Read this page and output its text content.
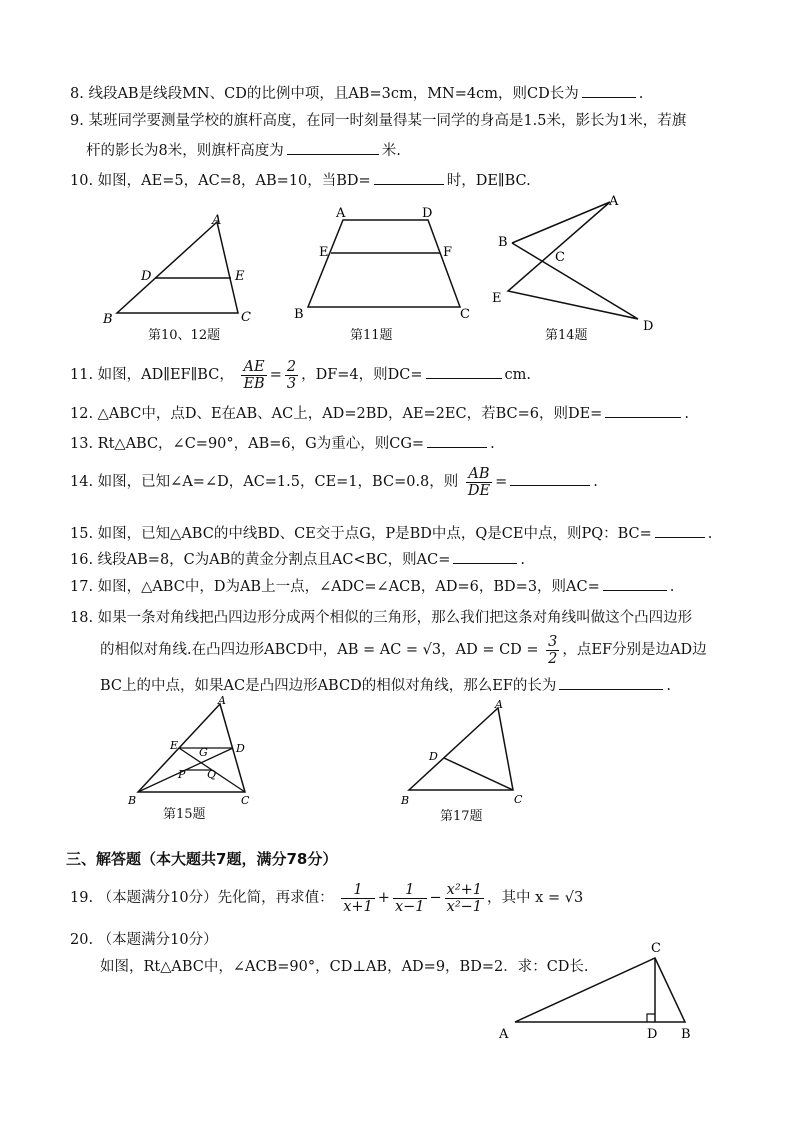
8. 线段AB是线段MN、CD的比例中项，且AB=3cm，MN=4cm，则CD长为	.
9. 某班同学要测量学校的旗杆高度，在同一时刻量得某一同学的身高是1.5米，影长为1米，若旗
杆的影长为8米，则旗杆高度为	米.
10. 如图，AE=5，AC=8，AB=10，当BD=	时，DE∥BC.
A
B	C
D	E
第10、12题
A	D
E	F
B	C
第11题
A
B
C
E
D
第14题
11. 如图，AD∥EF∥BC， $\frac{AE}{EB} = \frac{2}{3}$ ，DF=4，则DC=	cm.
12. △ABC中，点D、E在AB、AC上，AD=2BD，AE=2EC，若BC=6，则DE=	.
13. Rt△ABC，∠C=90°，AB=6，G为重心，则CG=	.
14. 如图，已知∠A=∠D，AC=1.5，CE=1，BC=0.8，则 $\frac{AB}{DE}$ =	.
15. 如图，已知△ABC的中线BD、CE交于点G，P是BD中点，Q是CE中点，则PQ：BC=	.
16. 线段AB=8，C为AB的黄金分割点且AC<BC，则AC=	.
17. 如图，△ABC中，D为AB上一点，∠ADC=∠ACB，AD=6，BD=3，则AC=	.
18. 如果一条对角线把凸四边形分成两个相似的三角形，那么我们把这条对角线叫做这个凸四边形
的相似对角线.在凸四边形ABCD中，AB = AC = √3，AD = CD = $\frac{3}{2}$ ，点EF分别是边AD边
BC上的中点，如果AC是凸四边形ABCD的相似对角线，那么EF的长为	.
A
B	C
D
E
G
P Q
第15题
A
B	C
D
第17题
三、解答题（本大题共7题，满分78分）
19. （本题满分10分）先化简，再求值： $\frac{1}{x+1} + \frac{1}{x-1} - \frac{\text{x²+1}}{\text{x²−1}}$ ，其中 x = √3
20. （本题满分10分）
如图，Rt△ABC中，∠ACB=90°，CD⊥AB，AD=9，BD=2．求：CD长.
C
A	D B
